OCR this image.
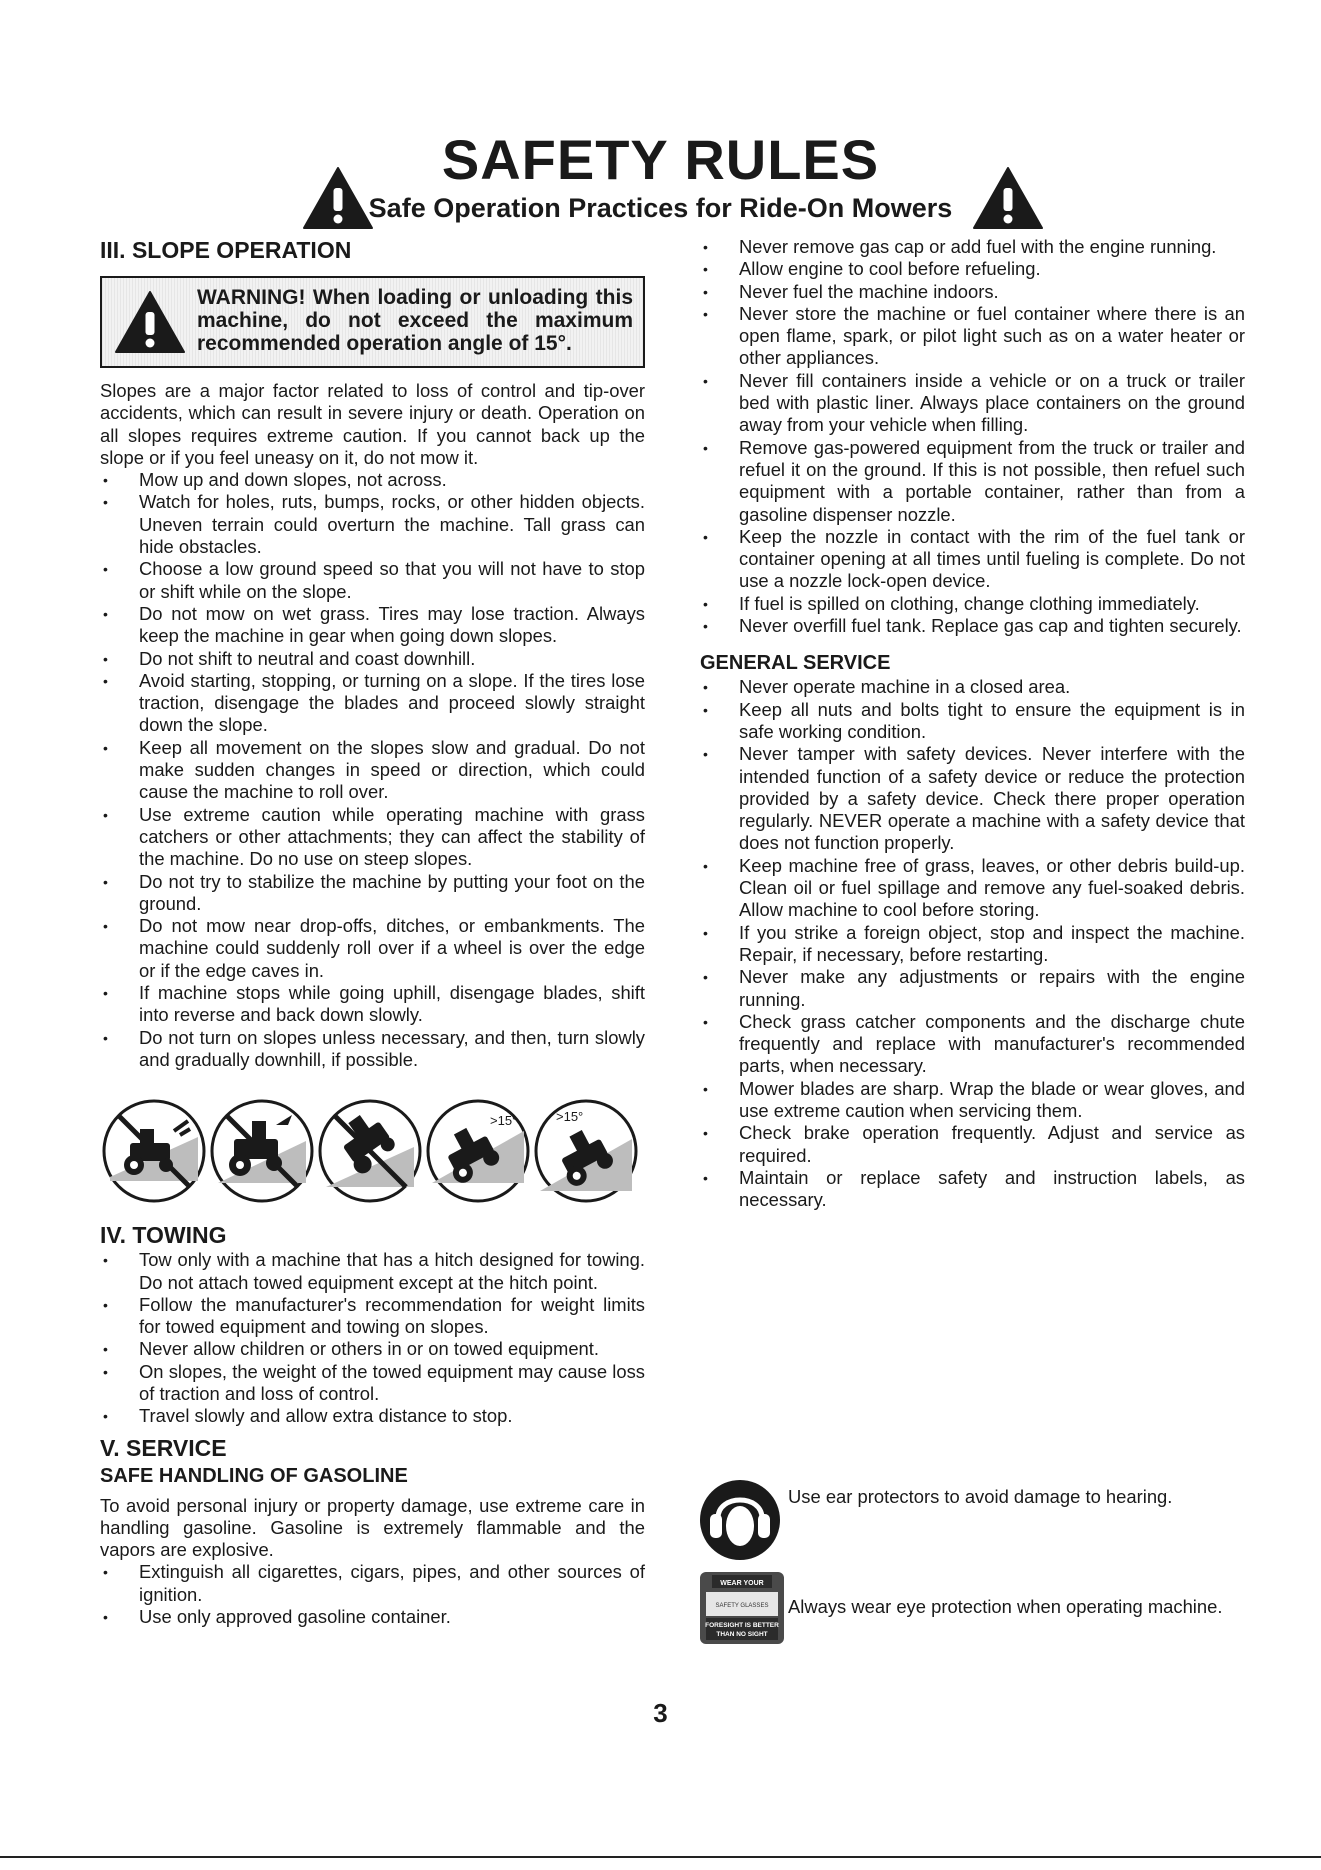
SAFETY RULES
Safe Operation Practices for Ride-On Mowers
III. SLOPE OPERATION
WARNING! When loading or unloading this machine, do not exceed the maximum recommended operation angle of 15°.

Slopes are a major factor related to loss of control and tip-over accidents, which can result in severe injury or death. Operation on all slopes requires extreme caution. If you cannot back up the slope or if you feel uneasy on it, do not mow it.

• Mow up and down slopes, not across.
• Watch for holes, ruts, bumps, rocks, or other hidden objects. Uneven terrain could overturn the machine. Tall grass can hide obstacles.
• Choose a low ground speed so that you will not have to stop or shift while on the slope.
• Do not mow on wet grass. Tires may lose traction. Always keep the machine in gear when going down slopes.
• Do not shift to neutral and coast downhill.
• Avoid starting, stopping, or turning on a slope. If the tires lose traction, disengage the blades and proceed slowly straight down the slope.
• Keep all movement on the slopes slow and gradual. Do not make sudden changes in speed or direction, which could cause the machine to roll over.
• Use extreme caution while operating machine with grass catchers or other attachments; they can affect the stability of the machine. Do no use on steep slopes.
• Do not try to stabilize the machine by putting your foot on the ground.
• Do not mow near drop-offs, ditches, or embankments. The machine could suddenly roll over if a wheel is over the edge or if the edge caves in.
• If machine stops while going uphill, disengage blades, shift into reverse and back down slowly.
• Do not turn on slopes unless necessary, and then, turn slowly and gradually downhill, if possible.
>15°	>15°
IV. TOWING
• Tow only with a machine that has a hitch designed for towing. Do not attach towed equipment except at the hitch point.
• Follow the manufacturer's recommendation for weight limits for towed equipment and towing on slopes.
• Never allow children or others in or on towed equipment.
• On slopes, the weight of the towed equipment may cause loss of traction and loss of control.
• Travel slowly and allow extra distance to stop.
V. SERVICE
SAFE HANDLING OF GASOLINE

To avoid personal injury or property damage, use extreme care in handling gasoline. Gasoline is extremely flammable and the vapors are explosive.

• Extinguish all cigarettes, cigars, pipes, and other sources of ignition.
• Use only approved gasoline container.
• Never remove gas cap or add fuel with the engine running.
• Allow engine to cool before refueling.
• Never fuel the machine indoors.
• Never store the machine or fuel container where there is an open flame, spark, or pilot light such as on a water heater or other appliances.
• Never fill containers inside a vehicle or on a truck or trailer bed with plastic liner. Always place containers on the ground away from your vehicle when filling.
• Remove gas-powered equipment from the truck or trailer and refuel it on the ground. If this is not possible, then refuel such equipment with a portable container, rather than from a gasoline dispenser nozzle.
• Keep the nozzle in contact with the rim of the fuel tank or container opening at all times until fueling is complete. Do not use a nozzle lock-open device.
• If fuel is spilled on clothing, change clothing immediately.
• Never overfill fuel tank. Replace gas cap and tighten securely.
GENERAL SERVICE
• Never operate machine in a closed area.
• Keep all nuts and bolts tight to ensure the equipment is in safe working condition.
• Never tamper with safety devices. Never interfere with the intended function of a safety device or reduce the protection provided by a safety device. Check there proper operation regularly. NEVER operate a machine with a safety device that does not function properly.
• Keep machine free of grass, leaves, or other debris build-up. Clean oil or fuel spillage and remove any fuel-soaked debris. Allow machine to cool before storing.
• If you strike a foreign object, stop and inspect the machine. Repair, if necessary, before restarting.
• Never make any adjustments or repairs with the engine running.
• Check grass catcher components and the discharge chute frequently and replace with manufacturer's recommended parts, when necessary.
• Mower blades are sharp. Wrap the blade or wear gloves, and use extreme caution when servicing them.
• Check brake operation frequently. Adjust and service as required.
• Maintain or replace safety and instruction labels, as necessary.
Use ear protectors to avoid damage to hearing.
WEAR YOUR
SAFETY GLASSES
FORESIGHT IS BETTER
THAN NO SIGHT
Always wear eye protection when operating machine.
3
